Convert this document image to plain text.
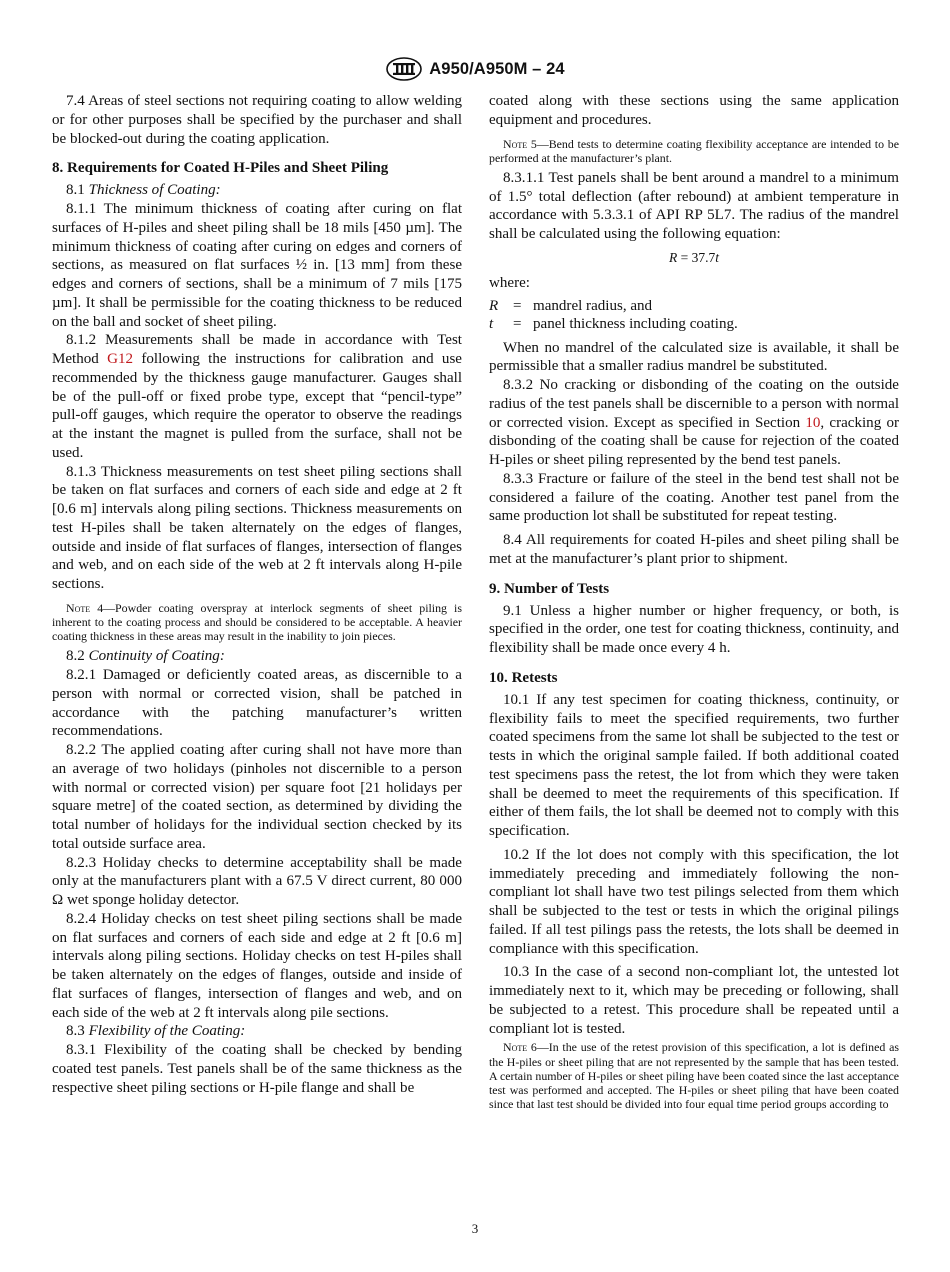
A950/A950M – 24

7.4 Areas of steel sections not requiring coating to allow welding or for other purposes shall be specified by the purchaser and shall be blocked-out during the coating application.

8. Requirements for Coated H-Piles and Sheet Piling

8.1 Thickness of Coating:

8.1.1 The minimum thickness of coating after curing on flat surfaces of H-piles and sheet piling shall be 18 mils [450 µm]. The minimum thickness of coating after curing on edges and corners of sections, as measured on flat surfaces ½ in. [13 mm] from these edges and corners of sections, shall be a minimum of 7 mils [175 µm]. It shall be permissible for the coating thickness to be reduced on the ball and socket of sheet piling.

8.1.2 Measurements shall be made in accordance with Test Method G12 following the instructions for calibration and use recommended by the thickness gauge manufacturer. Gauges shall be of the pull-off or fixed probe type, except that “pencil-type” pull-off gauges, which require the operator to observe the readings at the instant the magnet is pulled from the surface, shall not be used.

8.1.3 Thickness measurements on test sheet piling sections shall be taken on flat surfaces and corners of each side and edge at 2 ft [0.6 m] intervals along piling sections. Thickness measurements on test H-piles shall be taken alternately on the edges of flanges, outside and inside of flat surfaces of flanges, intersection of flanges and web, and on each side of the web at 2 ft intervals along H-pile sections.

Note 4—Powder coating overspray at interlock segments of sheet piling is inherent to the coating process and should be considered to be acceptable. A heavier coating thickness in these areas may result in the inability to join pieces.

8.2 Continuity of Coating:

8.2.1 Damaged or deficiently coated areas, as discernible to a person with normal or corrected vision, shall be patched in accordance with the patching manufacturer’s written recommendations.

8.2.2 The applied coating after curing shall not have more than an average of two holidays (pinholes not discernible to a person with normal or corrected vision) per square foot [21 holidays per square metre] of the coated section, as determined by dividing the total number of holidays for the individual section checked by its total outside surface area.

8.2.3 Holiday checks to determine acceptability shall be made only at the manufacturers plant with a 67.5 V direct current, 80 000 Ω wet sponge holiday detector.

8.2.4 Holiday checks on test sheet piling sections shall be made on flat surfaces and corners of each side and edge at 2 ft [0.6 m] intervals along piling sections. Holiday checks on test H-piles shall be taken alternately on the edges of flanges, outside and inside of flat surfaces of flanges, intersection of flanges and web, and on each side of the web at 2 ft intervals along pile sections.

8.3 Flexibility of the Coating:

8.3.1 Flexibility of the coating shall be checked by bending coated test panels. Test panels shall be of the same thickness as the respective sheet piling sections or H-pile flange and shall be

coated along with these sections using the same application equipment and procedures.

Note 5—Bend tests to determine coating flexibility acceptance are intended to be performed at the manufacturer’s plant.

8.3.1.1 Test panels shall be bent around a mandrel to a minimum of 1.5° total deflection (after rebound) at ambient temperature in accordance with 5.3.3.1 of API RP 5L7. The radius of the mandrel shall be calculated using the following equation:

R = 37.7t

where:

R = mandrel radius, and
t	= panel thickness including coating.

When no mandrel of the calculated size is available, it shall be permissible that a smaller radius mandrel be substituted.

8.3.2 No cracking or disbonding of the coating on the outside radius of the test panels shall be discernible to a person with normal or corrected vision. Except as specified in Section 10, cracking or disbonding of the coating shall be cause for rejection of the coated H-piles or sheet piling represented by the bend test panels.

8.3.3 Fracture or failure of the steel in the bend test shall not be considered a failure of the coating. Another test panel from the same production lot shall be substituted for repeat testing.

8.4 All requirements for coated H-piles and sheet piling shall be met at the manufacturer’s plant prior to shipment.

9. Number of Tests

9.1 Unless a higher number or higher frequency, or both, is specified in the order, one test for coating thickness, continuity, and flexibility shall be made once every 4 h.

10. Retests

10.1 If any test specimen for coating thickness, continuity, or flexibility fails to meet the specified requirements, two further coated specimens from the same lot shall be subjected to the test or tests in which the original sample failed. If both additional coated test specimens pass the retest, the lot from which they were taken shall be deemed to meet the requirements of this specification. If either of them fails, the lot shall be deemed not to comply with this specification.

10.2 If the lot does not comply with this specification, the lot immediately preceding and immediately following the non-compliant lot shall have two test pilings selected from them which shall be subjected to the test or tests in which the original pilings failed. If all test pilings pass the retests, the lots shall be deemed in compliance with this specification.

10.3 In the case of a second non-compliant lot, the untested lot immediately next to it, which may be preceding or following, shall be subjected to a retest. This procedure shall be repeated until a compliant lot is tested.

Note 6—In the use of the retest provision of this specification, a lot is defined as the H-piles or sheet piling that are not represented by the sample that has been tested. A certain number of H-piles or sheet piling have been coated since the last acceptance test was performed and accepted. The H-piles or sheet piling that have been coated since that last test should be divided into four equal time period groups according to

3
